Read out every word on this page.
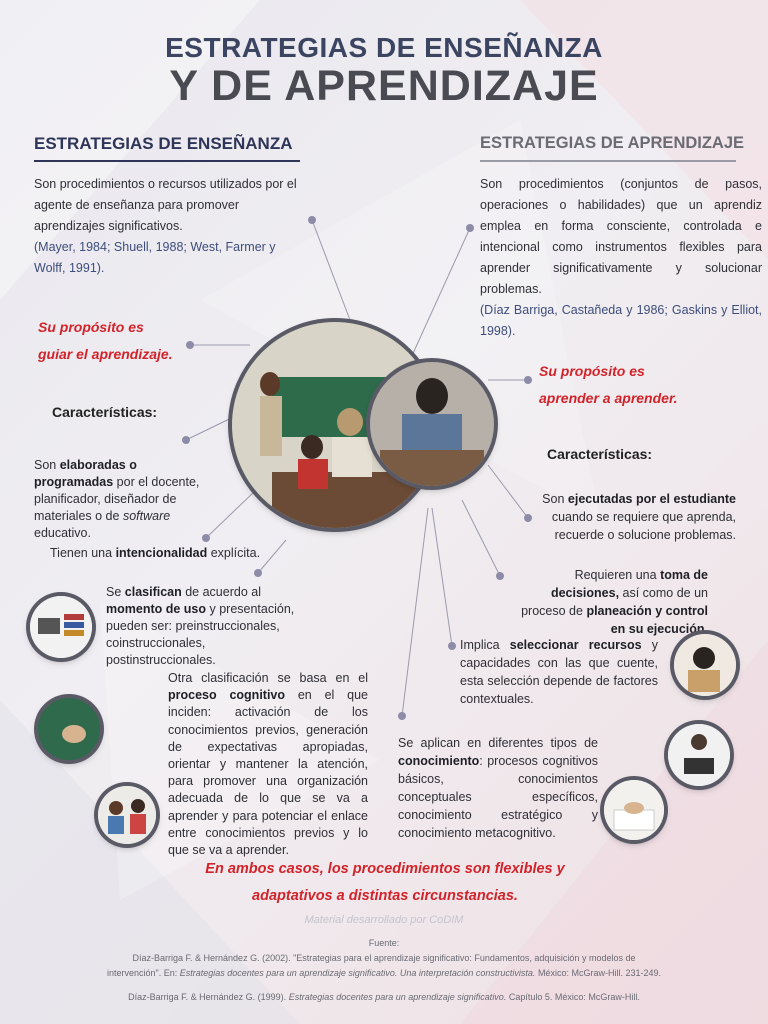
ESTRATEGIAS DE ENSEÑANZA
Y DE APRENDIZAJE
ESTRATEGIAS DE ENSEÑANZA	ESTRATEGIAS DE APRENDIZAJE
Son procedimientos o recursos utilizados por el agente de enseñanza para promover aprendizajes significativos.
(Mayer, 1984; Shuell, 1988; West, Farmer y Wolff, 1991).
Son procedimientos (conjuntos de pasos, operaciones o habilidades) que un aprendiz emplea en forma consciente, controlada e intencional como instrumentos flexibles para aprender significativamente y solucionar problemas.
(Díaz Barriga, Castañeda y 1986; Gaskins y Elliot, 1998).
Su propósito es
guiar el aprendizaje.
Su propósito es
aprender a aprender.
Características:
Características:
Son elaboradas o programadas por el docente, planificador, diseñador de materiales o de software educativo.
Tienen una intencionalidad explícita.
Se clasifican de acuerdo al momento de uso y presentación, pueden ser: preinstruccionales, coinstruccionales, postinstruccionales.
Otra clasificación se basa en el proceso cognitivo en el que inciden: activación de los conocimientos previos, generación de expectativas apropiadas, orientar y mantener la atención, para promover una organización adecuada de lo que se va a aprender y para potenciar el enlace entre conocimientos previos y lo que se va a aprender.
Son ejecutadas por el estudiante cuando se requiere que aprenda, recuerde o solucione problemas.
Requieren una toma de decisiones, así como de un proceso de planeación y control en su ejecución.
Implica seleccionar recursos y capacidades con las que cuente, esta selección depende de factores contextuales.
Se aplican en diferentes tipos de conocimiento: procesos cognitivos básicos, conocimientos conceptuales específicos, conocimiento estratégico y conocimiento metacognitivo.
En ambos casos, los procedimientos son flexibles y
adaptativos a distintas circunstancias.
Material desarrollado por CoDIM
Fuente:
Díaz-Barriga F. & Hernández G. (2002). "Estrategias para el aprendizaje significativo: Fundamentos, adquisición y modelos de
intervención". En: Estrategias docentes para un aprendizaje significativo. Una interpretación constructivista. México: McGraw-Hill. 231-249.
Díaz-Barriga F. & Hernández G. (1999). Estrategias docentes para un aprendizaje significativo. Capítulo 5. México: McGraw-Hill.
